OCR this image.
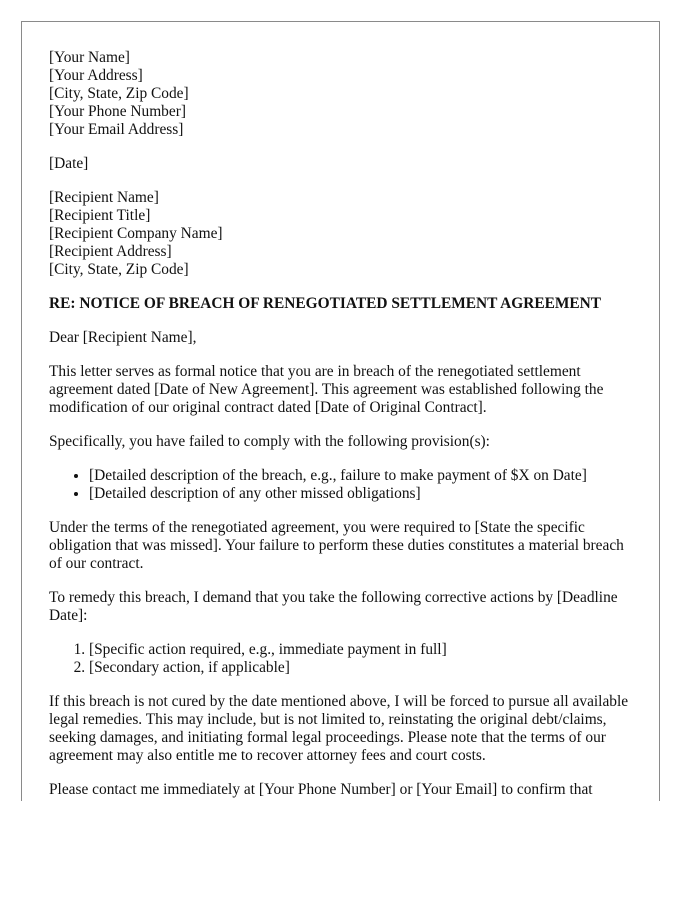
[Your Name]
[Your Address]
[City, State, Zip Code]
[Your Phone Number]
[Your Email Address]
[Date]
[Recipient Name]
[Recipient Title]
[Recipient Company Name]
[Recipient Address]
[City, State, Zip Code]
RE: NOTICE OF BREACH OF RENEGOTIATED SETTLEMENT AGREEMENT

Dear [Recipient Name],

This letter serves as formal notice that you are in breach of the renegotiated settlement agreement dated [Date of New Agreement]. This agreement was established following the modification of our original contract dated [Date of Original Contract].

Specifically, you have failed to comply with the following provision(s):

• [Detailed description of the breach, e.g., failure to make payment of $X on Date]
• [Detailed description of any other missed obligations]

Under the terms of the renegotiated agreement, you were required to [State the specific obligation that was missed]. Your failure to perform these duties constitutes a material breach of our contract.

To remedy this breach, I demand that you take the following corrective actions by [Deadline Date]:

1. [Specific action required, e.g., immediate payment in full]
2. [Secondary action, if applicable]

If this breach is not cured by the date mentioned above, I will be forced to pursue all available legal remedies. This may include, but is not limited to, reinstating the original debt/claims, seeking damages, and initiating formal legal proceedings. Please note that the terms of our agreement may also entitle me to recover attorney fees and court costs.

Please contact me immediately at [Your Phone Number] or [Your Email] to confirm that
